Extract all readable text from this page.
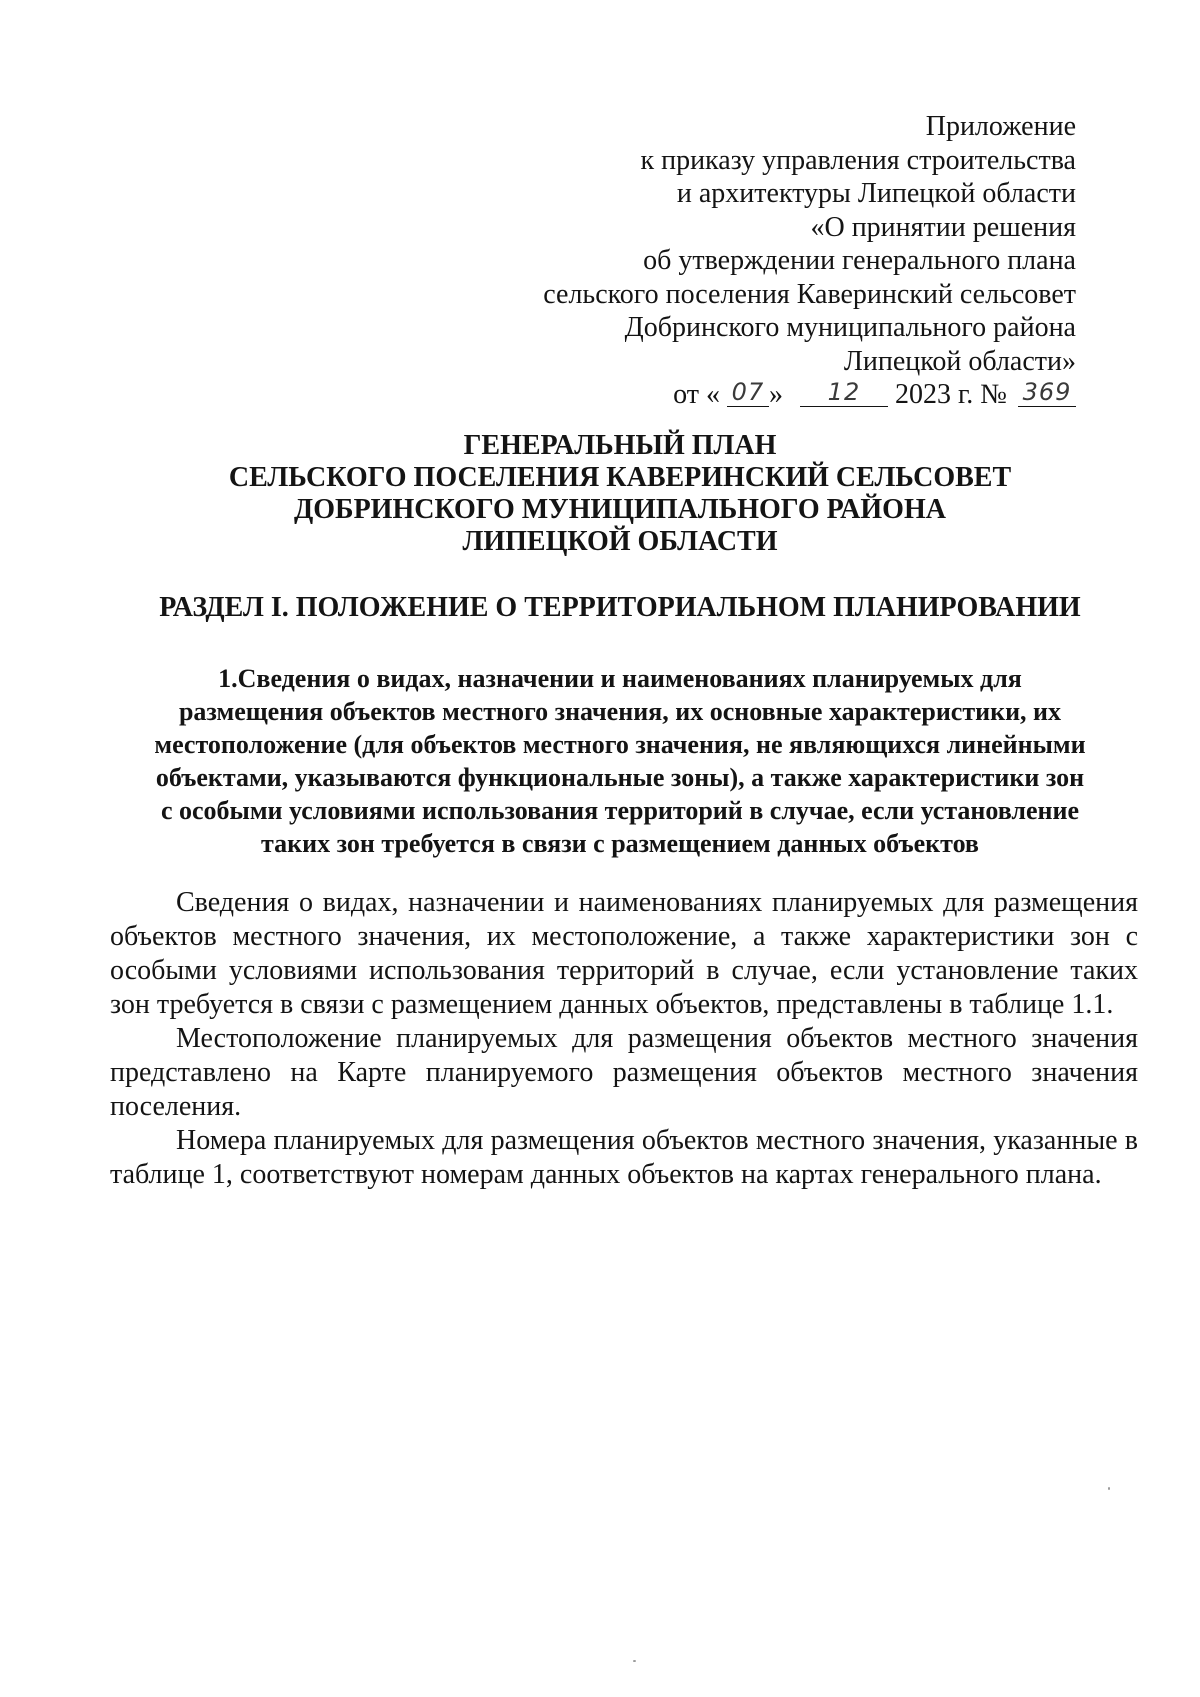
Приложение
к приказу управления строительства
и архитектуры Липецкой области
«О принятии решения
об утверждении генерального плана
сельского поселения Каверинский сельсовет
Добринского муниципального района
Липецкой области»
от « 07 » 12 2023 г. № 369
ГЕНЕРАЛЬНЫЙ ПЛАН
СЕЛЬСКОГО ПОСЕЛЕНИЯ КАВЕРИНСКИЙ СЕЛЬСОВЕТ
ДОБРИНСКОГО МУНИЦИПАЛЬНОГО РАЙОНА
ЛИПЕЦКОЙ ОБЛАСТИ
РАЗДЕЛ I. ПОЛОЖЕНИЕ О ТЕРРИТОРИАЛЬНОМ ПЛАНИРОВАНИИ
1.Сведения о видах, назначении и наименованиях планируемых для
размещения объектов местного значения, их основные характеристики, их
местоположение (для объектов местного значения, не являющихся линейными
объектами, указываются функциональные зоны), а также характеристики зон
с особыми условиями использования территорий в случае, если установление
таких зон требуется в связи с размещением данных объектов

Сведения о видах, назначении и наименованиях планируемых для размещения объектов местного значения, их местоположение, а также характеристики зон с особыми условиями использования территорий в случае, если установление таких зон требуется в связи с размещением данных объектов, представлены в таблице 1.1.

Местоположение планируемых для размещения объектов местного значения представлено на Карте планируемого размещения объектов местного значения поселения.

Номера планируемых для размещения объектов местного значения, указанные в таблице 1, соответствуют номерам данных объектов на картах генерального плана.
